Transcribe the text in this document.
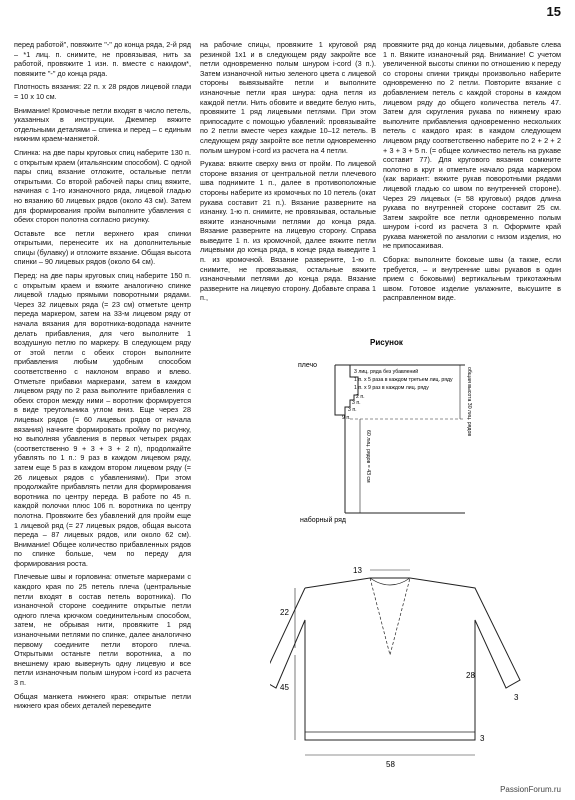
15

перед работой", повяжите "-" до конца ряда, 2-й ряд – *1 лиц. п. снимите, не провязывая, нить за работой, провяжите 1 изн. п. вместе с накидом*, повяжите "-" до конца ряда.

Плотность вязания: 22 п. х 28 рядов лицевой глади = 10 х 10 см.

Внимание! Кромочные петли входят в число петель, указанных в инструкции. Джемпер вяжите отдельными деталями – спинка и перед – с единым нижним краем-манжетой.

Спинка: на две пары круговых спиц наберите 130 п. с открытым краем (итальянским способом). С одной пары спиц вязание отложите, остальные петли открытыми. Со второй рабочей пары спиц вяжите, начиная с 1-го изнаночного ряда, лицевой гладью но вязанию 60 лицевых рядов (около 43 см). Затем для формирования пройм выполните убавления с обеих сторон полотна согласно рисунку.

Оставьте все петли верхнего края спинки открытыми, перенесите их на дополнительные спицы (булавку) и отложите вязание. Общая высота спинки – 90 лицевых рядов (около 64 см).

Перед: на две пары круговых спиц наберите 150 п. с открытым краем и вяжите аналогично спинке лицевой гладью прямыми поворотными рядами. Через 32 лицевых ряда (= 23 см) отметьте центр переда маркером, затем на 33-м лицевом ряду от начала вязания для воротника-водопада начните делать прибавления, для чего выполните 1 воздушную петлю по маркеру. В следующем ряду от этой петли с обеих сторон выполните прибавления любым удобным способом соответственно с наклоном вправо и влево. Отметьте прибавки маркерами, затем в каждом лицевом ряду по 2 раза выполните прибавления с обеих сторон между ними – воротник формируется в виде треугольника углом вниз. Еще через 28 лицевых рядов (= 60 лицевых рядов от начала вязания) начните формировать пройму по рисунку, но выполняя убавления в первых четырех рядах (соответственно 9 + 3 + 3 + 2 п), продолжайте убавлять по 1 п.: 9 раз в каждом лицевом ряду, затем еще 5 раз в каждом втором лицевом ряду (= 26 лицевых рядов с убавлениями). При этом продолжайте прибавлять петли для формирования воротника по центру переда. В работе по 45 п. каждой полочки плюс 106 п. воротника по центру полотна. Провяжите без убавлений для пройм еще 1 лицевой ряд (= 27 лицевых рядов, общая высота переда – 87 лицевых рядов, или около 62 см). Внимание! Общее количество прибавленных рядов по спинке больше, чем по переду для формирования роста.

Плечевые швы и горловина: отметьте маркерами с каждого края по 25 петель плеча (центральные петли входят в состав петель воротника). По изнаночной стороне соедините открытые петли одного плеча крючком соединительным способом, затем, не обрывая нити, провяжите 1 ряд изнаночными петлями по спинке, далее аналогично первому соедините петли второго плеча. Открытыми останьте петли воротника, а по внешнему краю вывернуть одну лицевую и все петли изнаночным полым шнуром i-cord из расчета 3 п.

Общая манжета нижнего края: открытые петли нижнего края обеих деталей переведите

на рабочие спицы, провяжите 1 круговой ряд резинкой 1х1 и в следующем ряду закройте все петли одновременно полым шнуром i-cord (3 п.). Затем изнаночной нитью зеленого цвета с лицевой стороны вывязывайте петли и выполните изнаночные петли края шнура: одна петля из каждой петли. Нить обовите и введите белую нить, провяжите 1 ряд лицевыми петлями. При этом припосадите с помощью убавлений: провязывайте по 2 петли вместе через каждые 10–12 петель. В следующем ряду закройте все петли одновременно полым шнуром i-cord из расчета на 4 петли.

Рукава: вяжите сверху вниз от пройм. По лицевой стороне вязания от центральной петли плечевого шва поднимите 1 п., далее в противоположные стороны наберите из кромочных по 10 петель (окат рукава составит 21 п.). Вязание разверните на изнанку. 1-ю п. снимите, не провязывая, остальные вяжите изнаночными петлями до конца ряда. Вязание разверните на лицевую сторону. Справа выведите 1 п. из кромочной, далее вяжите петли лицевыми до конца ряда, в конце ряда выведите 1 п. из кромочной. Вязание разверните, 1-ю п. снимите, не провязывая, остальные вяжите изнаночными петлями до конца ряда. Вязание разверните на лицевую сторону. Добавьте справа 1 п.,

провяжите ряд до конца лицевыми, добавьте слева 1 п. Вяжите изнаночный ряд. Внимание! С учетом увеличенной высоты спинки по отношению к переду со стороны спинки трижды произвольно наберите одновременно по 2 петли. Повторите вязание с добавлением петель с каждой стороны в каждом лицевом ряду до общего количества петель 47. Затем для скругления рукава по нижнему краю выполните прибавления одновременно нескольких петель с каждого края: в каждом следующем лицевом ряду соответственно наберите по 2 + 2 + 2 + 3 + 3 + 5 п. (= общее количество петель на рукаве составит 77). Для кругового вязания сомкните полотно в круг и отметьте начало ряда маркером (как вариант: вяжите рукав поворотными рядами лицевой гладью со швом по внутренней стороне). Через 29 лицевых (= 58 круговых) рядов длина рукава по внутренней стороне составит 25 см. Затем закройте все петли одновременно полым шнуром i-cord из расчета 3 п. Оформите край рукава манжетой по аналогии с низом изделия, но не припосаживая.

Сборка: выполните боковые швы (а также, если требуется, – и внутренние швы рукавов в один прием с боковыми) вертикальным трикотажным швом. Готовое изделие увлажните, высушите в расправленном виде.

Рисунок
плечо
3 лиц. ряда без убавлений
1 п. х 5 раза в каждом третьем лиц. ряду
1 п. х 9 раз в каждом лиц. ряду
2 п.
3 п.
3 п.
9 п.	общая высота 30 лиц. рядов
60 лиц. рядов = 43 см
наборный ряд
13
22
45
28
3
3
58
PassionForum.ru
